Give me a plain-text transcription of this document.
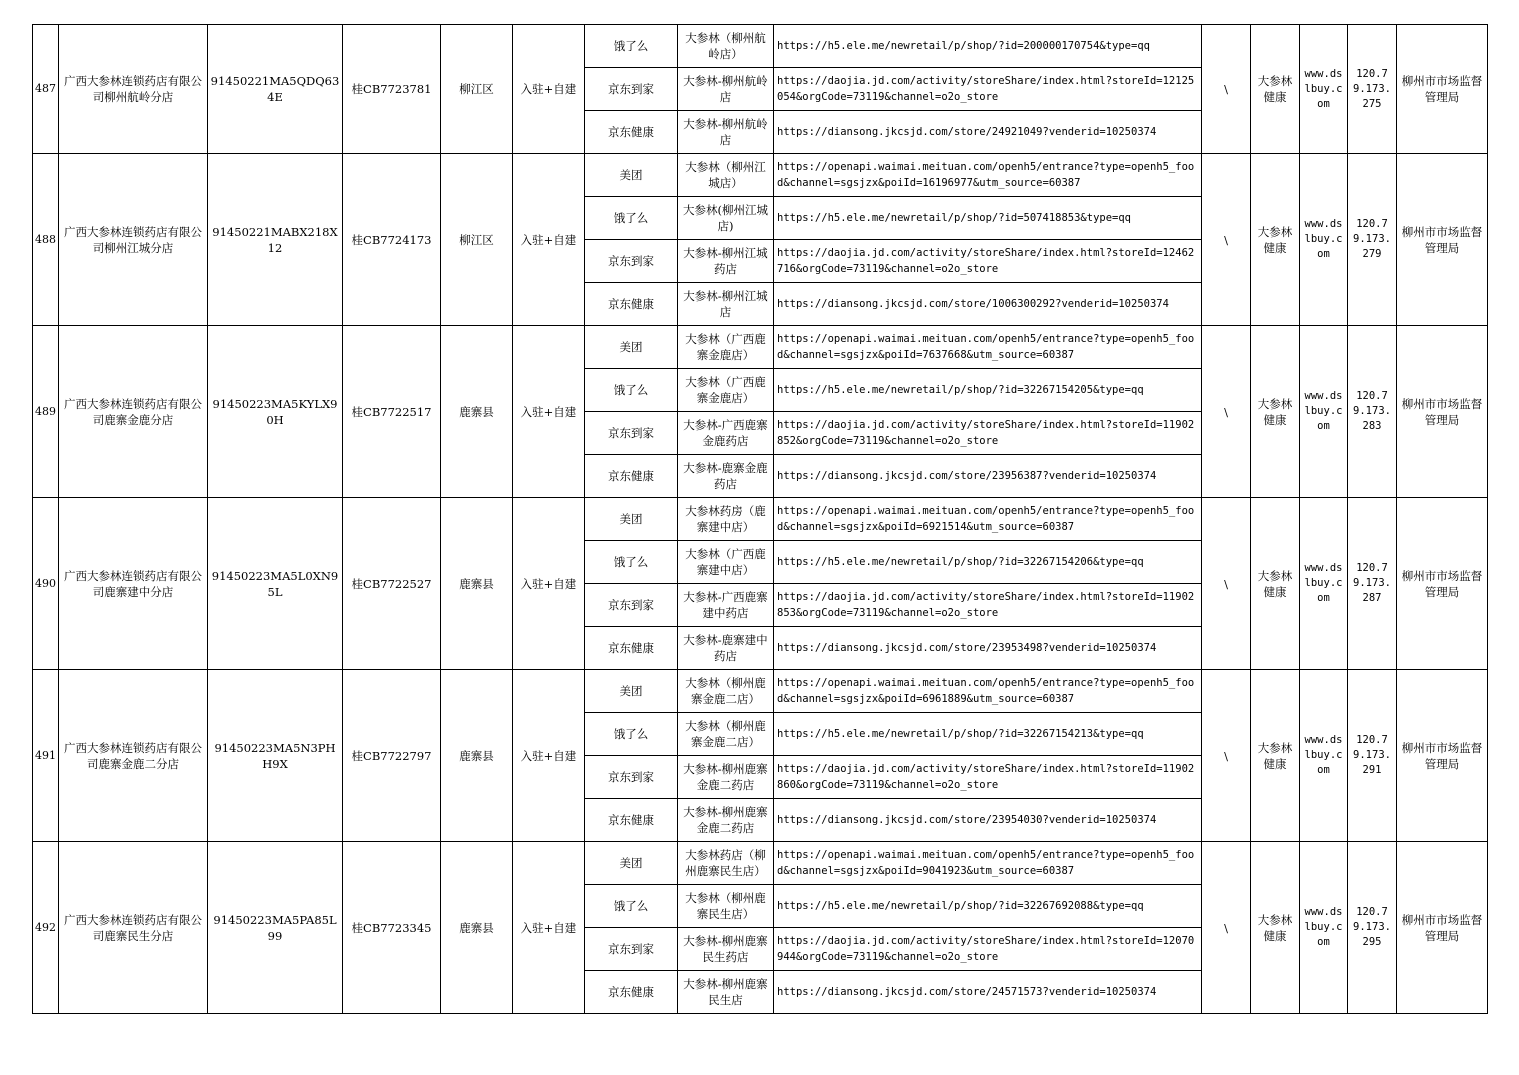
487	广西大参林连锁药店有限公司柳州航岭分店	91450221MA5QDQ634E	桂CB7723781	柳江区	入驻+自建	饿了么	大参林（柳州航岭店）	https://h5.ele.me/newretail/p/shop/?id=200000170754&type=qq	\	大参林健康	www.dslbuy.com	120.79.173.275	柳州市市场监督管理局
						京东到家	大参林-柳州航岭店	https://daojia.jd.com/activity/storeShare/index.html?storeId=12125054&orgCode=73119&channel=o2o_store					
						京东健康	大参林-柳州航岭店	https://diansong.jkcsjd.com/store/24921049?venderid=10250374					
488	广西大参林连锁药店有限公司柳州江城分店	91450221MABX218X12	桂CB7724173	柳江区	入驻+自建	美团	大参林（柳州江城店）	https://openapi.waimai.meituan.com/openh5/entrance?type=openh5_food&channel=sgsjzx&poiId=16196977&utm_source=60387	\	大参林健康	www.dslbuy.com	120.79.173.279	柳州市市场监督管理局
						饿了么	大参林(柳州江城店)	https://h5.ele.me/newretail/p/shop/?id=507418853&type=qq					
						京东到家	大参林-柳州江城药店	https://daojia.jd.com/activity/storeShare/index.html?storeId=12462716&orgCode=73119&channel=o2o_store					
						京东健康	大参林-柳州江城店	https://diansong.jkcsjd.com/store/1006300292?venderid=10250374					
489	广西大参林连锁药店有限公司鹿寨金鹿分店	91450223MA5KYLX90H	桂CB7722517	鹿寨县	入驻+自建	美团	大参林（广西鹿寨金鹿店）	https://openapi.waimai.meituan.com/openh5/entrance?type=openh5_food&channel=sgsjzx&poiId=7637668&utm_source=60387	\	大参林健康	www.dslbuy.com	120.79.173.283	柳州市市场监督管理局
						饿了么	大参林（广西鹿寨金鹿店）	https://h5.ele.me/newretail/p/shop/?id=32267154205&type=qq					
						京东到家	大参林-广西鹿寨金鹿药店	https://daojia.jd.com/activity/storeShare/index.html?storeId=11902852&orgCode=73119&channel=o2o_store					
						京东健康	大参林-鹿寨金鹿药店	https://diansong.jkcsjd.com/store/23956387?venderid=10250374					
490	广西大参林连锁药店有限公司鹿寨建中分店	91450223MA5L0XN95L	桂CB7722527	鹿寨县	入驻+自建	美团	大参林药房（鹿寨建中店）	https://openapi.waimai.meituan.com/openh5/entrance?type=openh5_food&channel=sgsjzx&poiId=6921514&utm_source=60387	\	大参林健康	www.dslbuy.com	120.79.173.287	柳州市市场监督管理局
						饿了么	大参林（广西鹿寨建中店）	https://h5.ele.me/newretail/p/shop/?id=32267154206&type=qq					
						京东到家	大参林-广西鹿寨建中药店	https://daojia.jd.com/activity/storeShare/index.html?storeId=11902853&orgCode=73119&channel=o2o_store					
						京东健康	大参林-鹿寨建中药店	https://diansong.jkcsjd.com/store/23953498?venderid=10250374					
491	广西大参林连锁药店有限公司鹿寨金鹿二分店	91450223MA5N3PHH9X	桂CB7722797	鹿寨县	入驻+自建	美团	大参林（柳州鹿寨金鹿二店）	https://openapi.waimai.meituan.com/openh5/entrance?type=openh5_food&channel=sgsjzx&poiId=6961889&utm_source=60387	\	大参林健康	www.dslbuy.com	120.79.173.291	柳州市市场监督管理局
						饿了么	大参林（柳州鹿寨金鹿二店）	https://h5.ele.me/newretail/p/shop/?id=32267154213&type=qq					
						京东到家	大参林-柳州鹿寨金鹿二药店	https://daojia.jd.com/activity/storeShare/index.html?storeId=11902860&orgCode=73119&channel=o2o_store					
						京东健康	大参林-柳州鹿寨金鹿二药店	https://diansong.jkcsjd.com/store/23954030?venderid=10250374					
492	广西大参林连锁药店有限公司鹿寨民生分店	91450223MA5PA85L99	桂CB7723345	鹿寨县	入驻+自建	美团	大参林药店（柳州鹿寨民生店）	https://openapi.waimai.meituan.com/openh5/entrance?type=openh5_food&channel=sgsjzx&poiId=9041923&utm_source=60387	\	大参林健康	www.dslbuy.com	120.79.173.295	柳州市市场监督管理局
						饿了么	大参林（柳州鹿寨民生店）	https://h5.ele.me/newretail/p/shop/?id=32267692088&type=qq					
						京东到家	大参林-柳州鹿寨民生药店	https://daojia.jd.com/activity/storeShare/index.html?storeId=12070944&orgCode=73119&channel=o2o_store					
						京东健康	大参林-柳州鹿寨民生店	https://diansong.jkcsjd.com/store/24571573?venderid=10250374					
